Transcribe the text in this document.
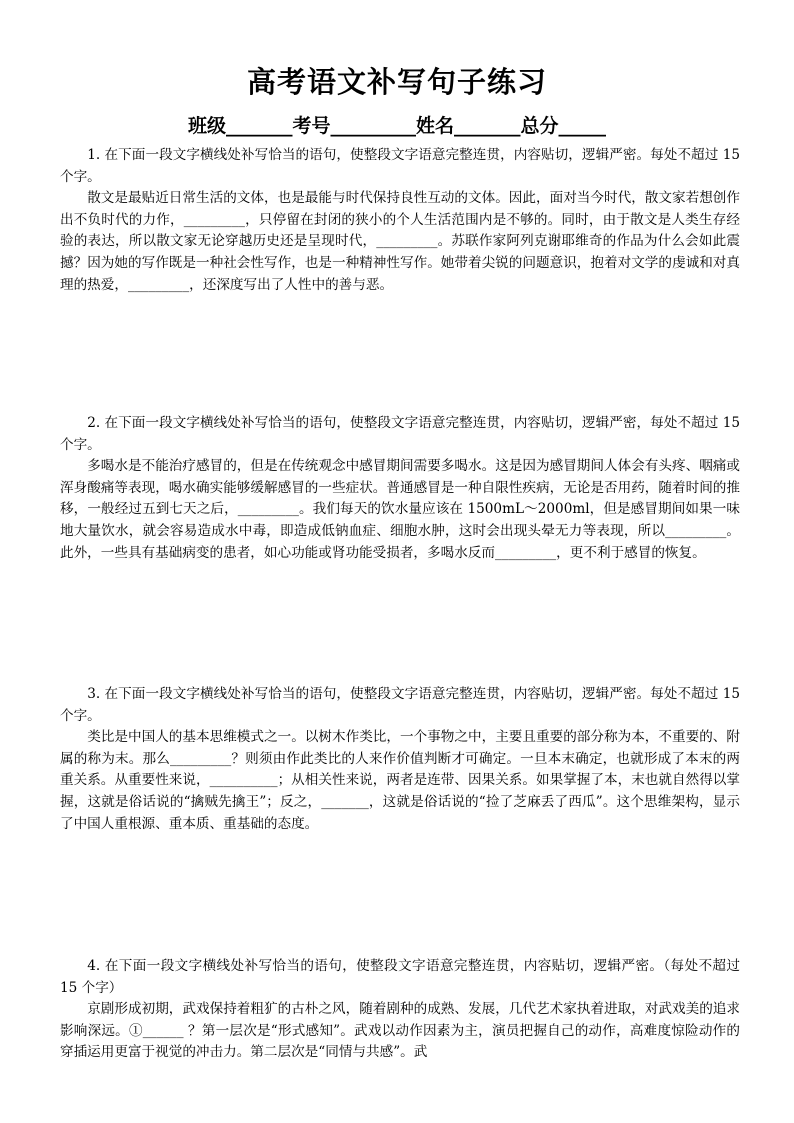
高考语文补写句子练习
班级_______考号_________姓名_______总分_____

1. 在下面一段文字横线处补写恰当的语句，使整段文字语意完整连贯，内容贴切，逻辑严密。每处不超过 15 个字。

散文是最贴近日常生活的文体，也是最能与时代保持良性互动的文体。因此，面对当今时代，散文家若想创作出不负时代的力作，_________，只停留在封闭的狭小的个人生活范围内是不够的。同时，由于散文是人类生存经验的表达，所以散文家无论穿越历史还是呈现时代，_________。苏联作家阿列克谢耶维奇的作品为什么会如此震撼？因为她的写作既是一种社会性写作，也是一种精神性写作。她带着尖锐的问题意识，抱着对文学的虔诚和对真理的热爱，_________，还深度写出了人性中的善与恶。

2. 在下面一段文字横线处补写恰当的语句，使整段文字语意完整连贯，内容贴切，逻辑严密，每处不超过 15 个字。

多喝水是不能治疗感冒的，但是在传统观念中感冒期间需要多喝水。这是因为感冒期间人体会有头疼、咽痛或浑身酸痛等表现，喝水确实能够缓解感冒的一些症状。普通感冒是一种自限性疾病，无论是否用药，随着时间的推移，一般经过五到七天之后，_________。我们每天的饮水量应该在 1500mL～2000ml，但是感冒期间如果一味地大量饮水，就会容易造成水中毒，即造成低钠血症、细胞水肿，这时会出现头晕无力等表现，所以_________。此外，一些具有基础病变的患者，如心功能或肾功能受损者，多喝水反而_________，更不利于感冒的恢复。

3. 在下面一段文字横线处补写恰当的语句，使整段文字语意完整连贯，内容贴切，逻辑严密。每处不超过 15 个字。

类比是中国人的基本思维模式之一。以树木作类比，一个事物之中，主要且重要的部分称为本，不重要的、附属的称为末。那么_________？则须由作此类比的人来作价值判断才可确定。一旦本末确定，也就形成了本末的两重关系。从重要性来说，__________；从相关性来说，两者是连带、因果关系。如果掌握了本，末也就自然得以掌握，这就是俗话说的“擒贼先擒王”；反之，_______，这就是俗话说的“捡了芝麻丢了西瓜”。这个思维架构，显示了中国人重根源、重本质、重基础的态度。

4. 在下面一段文字横线处补写恰当的语句，使整段文字语意完整连贯，内容贴切，逻辑严密。（每处不超过 15 个字）

京剧形成初期，武戏保持着粗犷的古朴之风，随着剧种的成熟、发展，几代艺术家执着进取，对武戏美的追求影响深远。①______ ？第一层次是“形式感知”。武戏以动作因素为主，演员把握自己的动作，高难度惊险动作的穿插运用更富于视觉的冲击力。第二层次是“同情与共感”。武
